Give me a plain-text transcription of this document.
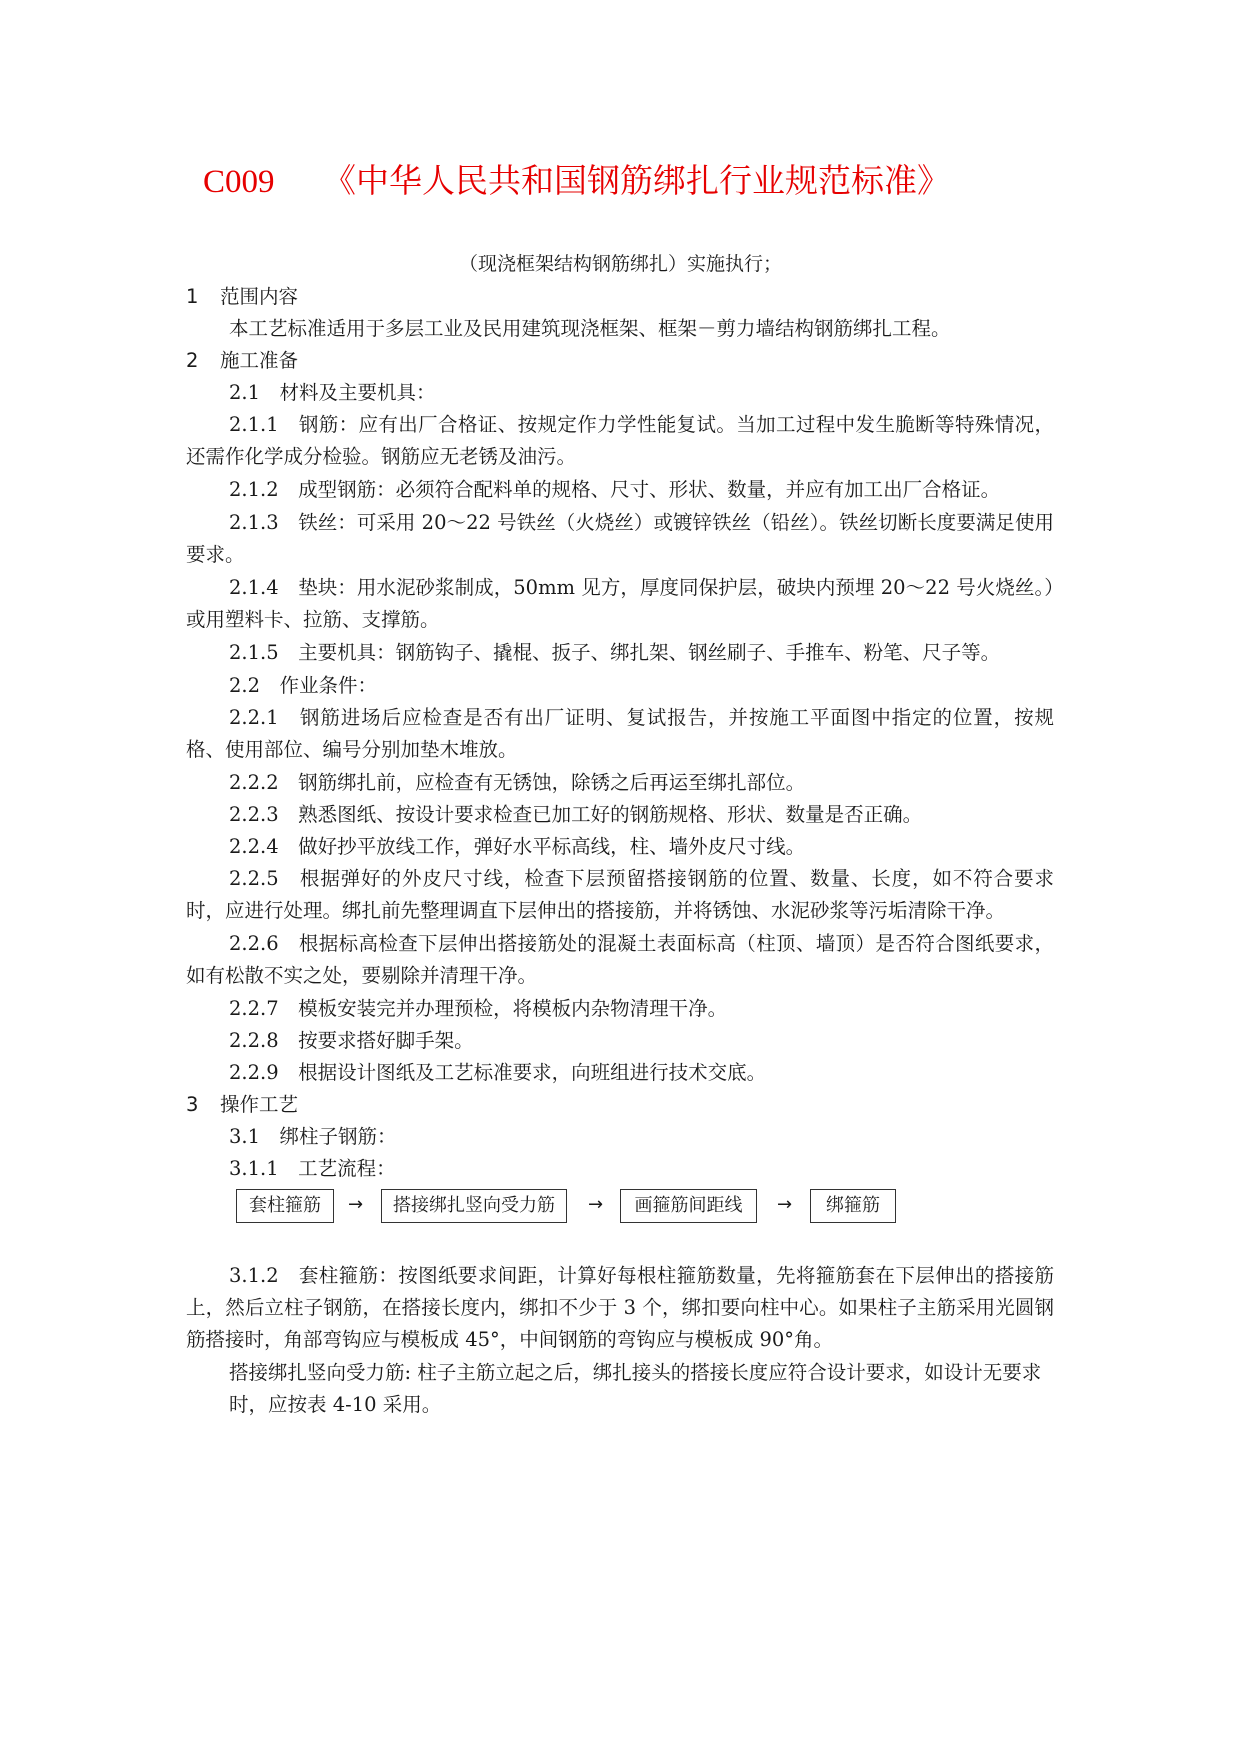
C009 《中华人民共和国钢筋绑扎行业规范标准》
（现浇框架结构钢筋绑扎）实施执行；
1 范围内容

本工艺标准适用于多层工业及民用建筑现浇框架、框架－剪力墙结构钢筋绑扎工程。

2 施工准备

2.1　材料及主要机具：

2.1.1　钢筋：应有出厂合格证、按规定作力学性能复试。当加工过程中发生脆断等特殊情况，还需作化学成分检验。钢筋应无老锈及油污。

2.1.2　成型钢筋：必须符合配料单的规格、尺寸、形状、数量，并应有加工出厂合格证。

2.1.3　铁丝：可采用 20～22 号铁丝（火烧丝）或镀锌铁丝（铅丝）。铁丝切断长度要满足使用要求。

2.1.4　垫块：用水泥砂浆制成，50mm 见方，厚度同保护层，破块内预埋 20～22 号火烧丝。）或用塑料卡、拉筋、支撑筋。

2.1.5　主要机具：钢筋钩子、撬棍、扳子、绑扎架、钢丝刷子、手推车、粉笔、尺子等。

2.2　作业条件：

2.2.1　钢筋进场后应检查是否有出厂证明、复试报告，并按施工平面图中指定的位置，按规格、使用部位、编号分别加垫木堆放。

2.2.2　钢筋绑扎前，应检查有无锈蚀，除锈之后再运至绑扎部位。

2.2.3　熟悉图纸、按设计要求检查已加工好的钢筋规格、形状、数量是否正确。

2.2.4　做好抄平放线工作，弹好水平标高线，柱、墙外皮尺寸线。

2.2.5　根据弹好的外皮尺寸线，检查下层预留搭接钢筋的位置、数量、长度，如不符合要求时，应进行处理。绑扎前先整理调直下层伸出的搭接筋，并将锈蚀、水泥砂浆等污垢清除干净。

2.2.6　根据标高检查下层伸出搭接筋处的混凝土表面标高（柱顶、墙顶）是否符合图纸要求，如有松散不实之处，要剔除并清理干净。

2.2.7　模板安装完并办理预检，将模板内杂物清理干净。

2.2.8　按要求搭好脚手架。

2.2.9　根据设计图纸及工艺标准要求，向班组进行技术交底。

3 操作工艺

3.1　绑柱子钢筋：

3.1.1　工艺流程：

套柱箍筋	→	搭接绑扎竖向受力筋	→	画箍筋间距线	→	绑箍筋

3.1.2　套柱箍筋：按图纸要求间距，计算好每根柱箍筋数量，先将箍筋套在下层伸出的搭接筋上，然后立柱子钢筋，在搭接长度内，绑扣不少于 3 个，绑扣要向柱中心。如果柱子主筋采用光圆钢筋搭接时，角部弯钩应与模板成 45°，中间钢筋的弯钩应与模板成 90°角。

搭接绑扎竖向受力筋: 柱子主筋立起之后，绑扎接头的搭接长度应符合设计要求，如设计无要求时，应按表 4-10 采用。
